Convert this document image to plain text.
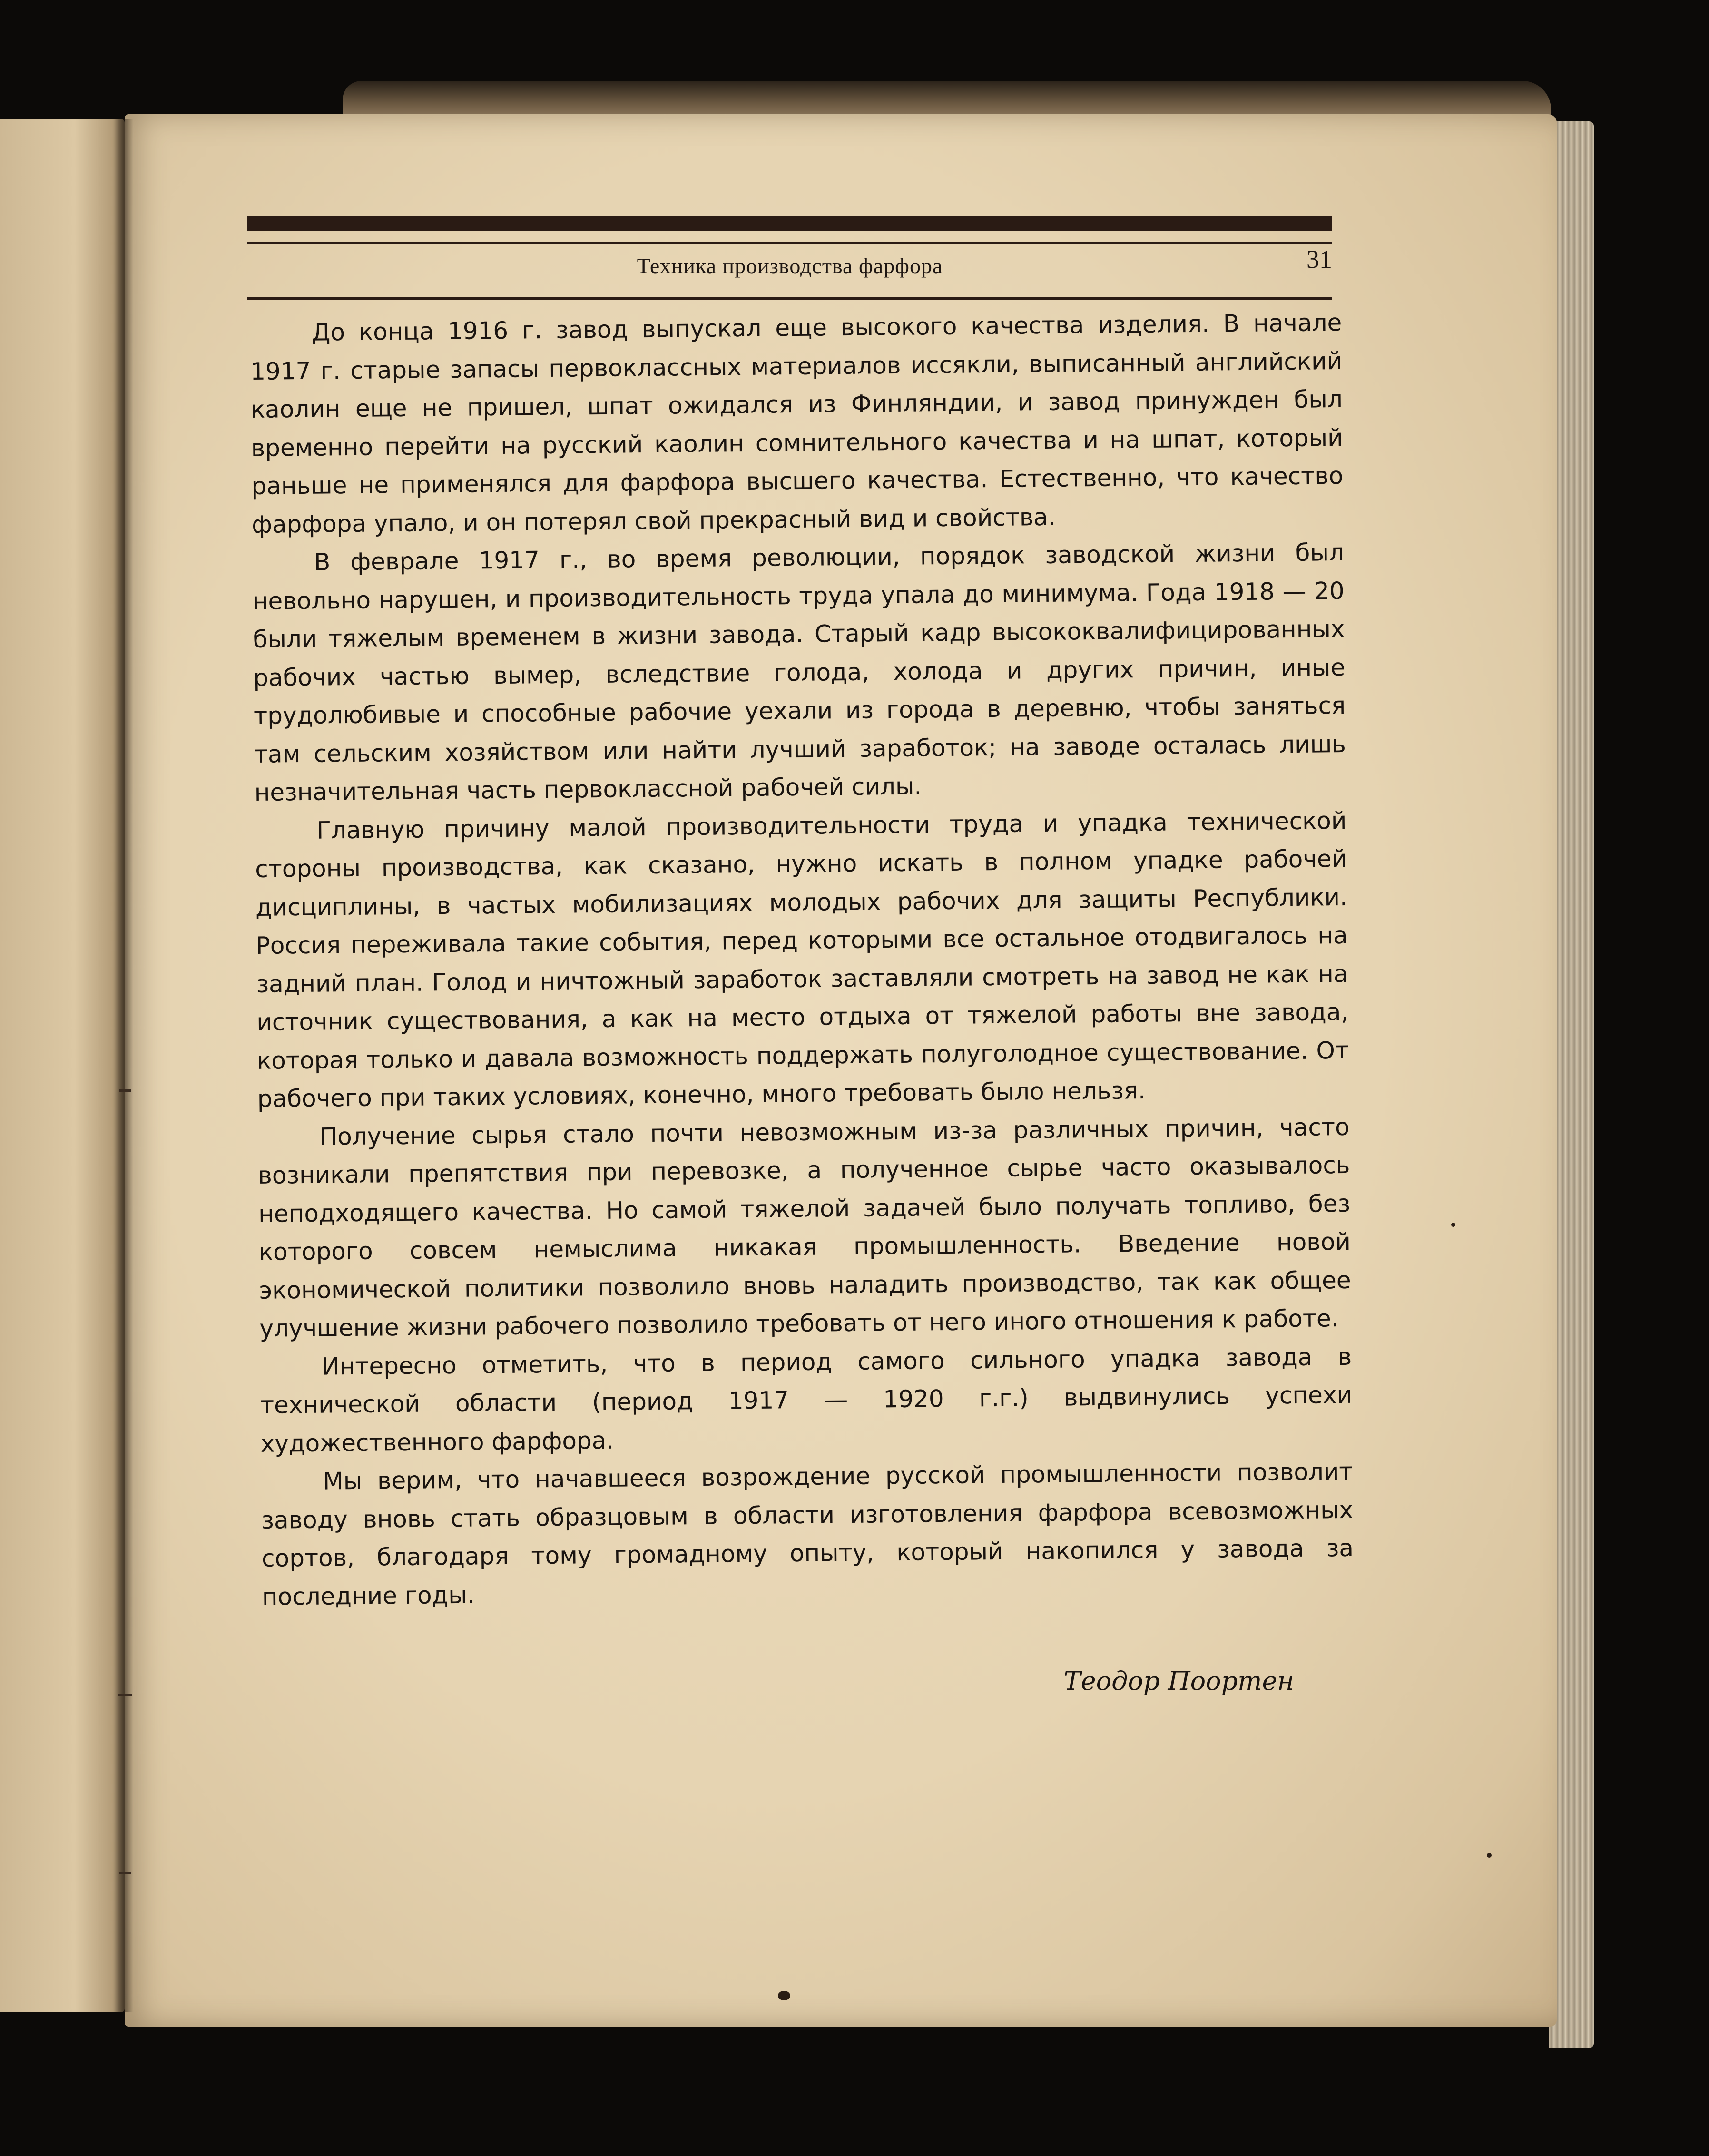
Техника производства фарфора	31

До конца 1916 г. завод выпускал еще высокого качества изделия. В начале 1917 г. старые запасы первоклассных материалов иссякли, выписанный английский каолин еще не пришел, шпат ожидался из Финляндии, и завод принужден был временно перейти на русский каолин сомнительного качества и на шпат, который раньше не применялся для фарфора высшего качества. Естественно, что качество фарфора упало, и он потерял свой прекрасный вид и свойства.

В феврале 1917 г., во время революции, порядок заводской жизни был невольно нарушен, и производительность труда упала до минимума. Года 1918 — 20 были тяжелым временем в жизни завода. Старый кадр высококвалифицированных рабочих частью вымер, вследствие голода, холода и других причин, иные трудолюбивые и способные рабочие уехали из города в деревню, чтобы заняться там сельским хозяйством или найти лучший заработок; на заводе осталась лишь незначительная часть первоклассной рабочей силы.

Главную причину малой производительности труда и упадка технической стороны производства, как сказано, нужно искать в полном упадке рабочей дисциплины, в частых мобилизациях молодых рабочих для защиты Республики. Россия переживала такие события, перед которыми все остальное отодвигалось на задний план. Голод и ничтожный заработок заставляли смотреть на завод не как на источник существования, а как на место отдыха от тяжелой работы вне завода, которая только и давала возможность поддержать полуголодное существование. От рабочего при таких условиях, конечно, много требовать было нельзя.

Получение сырья стало почти невозможным из-за различных причин, часто возникали препятствия при перевозке, а полученное сырье часто оказывалось неподходящего качества. Но самой тяжелой задачей было получать топливо, без которого совсем немыслима никакая промышленность. Введение новой экономической политики позволило вновь наладить производство, так как общее улучшение жизни рабочего позволило требовать от него иного отношения к работе.

Интересно отметить, что в период самого сильного упадка завода в технической области (период 1917 — 1920 г.г.) выдвинулись успехи художественного фарфора.

Мы верим, что начавшееся возрождение русской промышленности позволит заводу вновь стать образцовым в области изготовления фарфора всевозможных сортов, благодаря тому громадному опыту, который накопился у завода за последние годы.

Теодор Поортен
